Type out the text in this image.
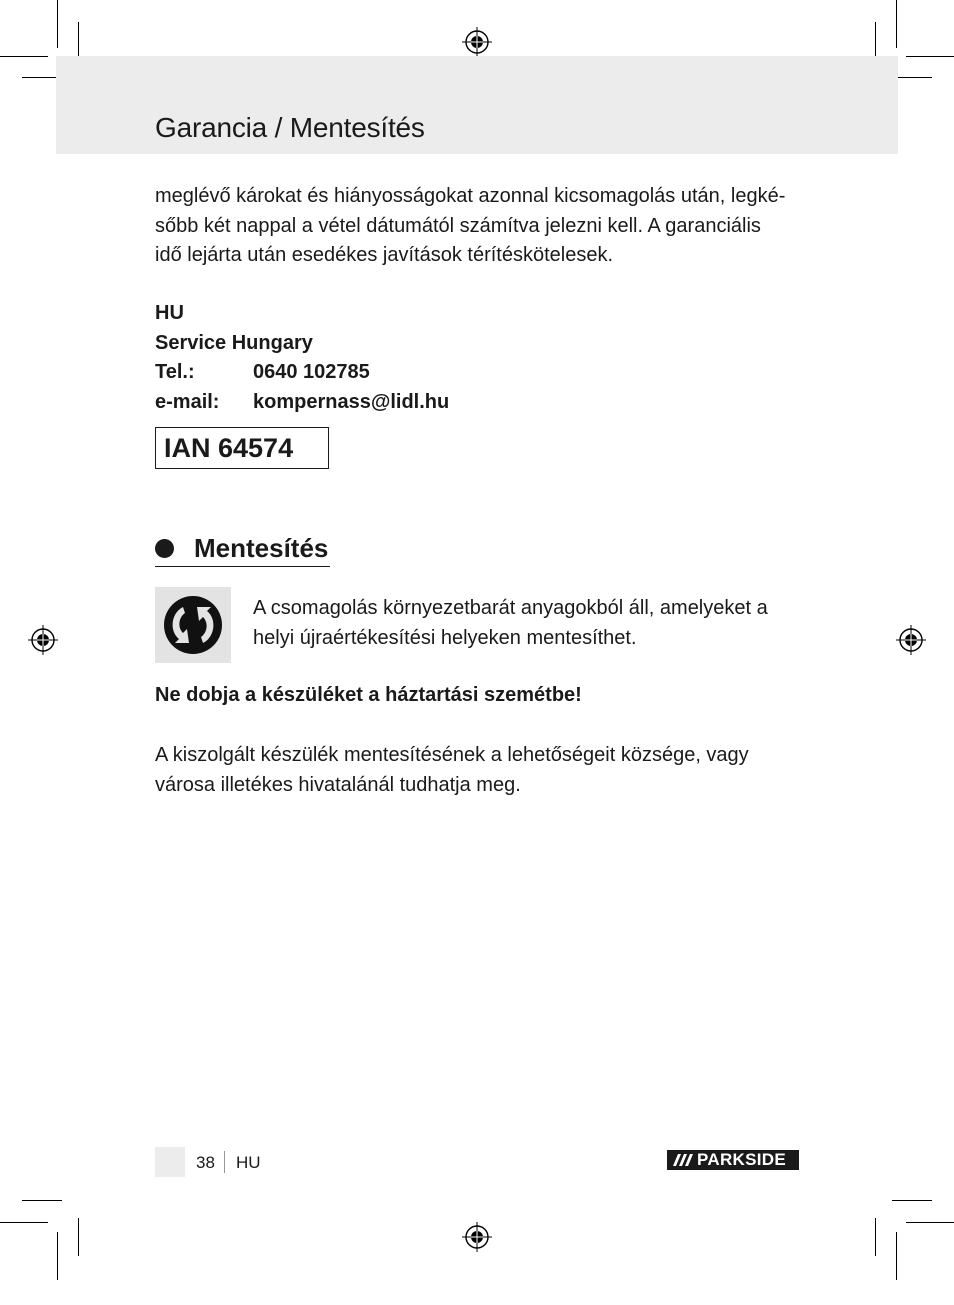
Garancia / Mentesítés

meglévő károkat és hiányosságokat azonnal kicsomagolás után, legké-
sőbb két nappal a vétel dátumától számítva jelezni kell. A garanciális
idő lejárta után esedékes javítások térítéskötelesek.

HU
Service Hungary
Tel.:	0640 102785
e-mail:	kompernass@lidl.hu
IAN 64574
Mentesítés

A csomagolás környezetbarát anyagokból áll, amelyeket a
helyi újraértékesítési helyeken mentesíthet.

Ne dobja a készüléket a háztartási szemétbe!

A kiszolgált készülék mentesítésének a lehetőségeit községe, vagy
városa illetékes hivatalánál tudhatja meg.

38 HU	PARKSIDE
